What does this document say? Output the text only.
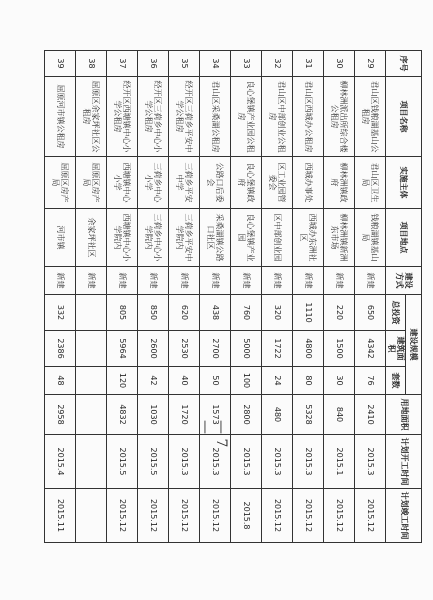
序号	项目名称	实施主体	项目地点	建设方式	建设规模			用地面积	计划开工时间	计划竣工时间
					总投资	建筑面积	套数			
29	君山区钱粮湖基山公租房	君山区卫生局	钱粮湖镇基山局	新建	650	4342	76	2410	2015.3	2015.12
30	柳林洲派出所综合楼公租房	柳林洲镇政府	柳林洲镇新洲东市场	新建	220	1500	30	840	2015.1	2015.12
31	君山区西城办公租房	西城办事处	西城办东洲社区	新建	1110	4800	80	5328	2015.3	2015.12
32	君山区中部创业公租房	区工业园管委会	区中部创业园	新建	320	1722	24	480	2015.3	2015.12
33	良心堡镇产业园公租房	良心堡镇政府	良心堡镇产业园	新建	760	5000	100	2800	2015.3	2015.8
34	君山区采桑湖公租房	公路口后委会	采桑湖镇公路口社区	新建	438	2700	50	1573	2015.3	2015.12
35	经开区三荷乡平安中学公租房	三荷乡平安中学	三荷乡平安中学院内	新建	620	2530	40	1720	2015.3	2015.12
36	经开区三荷乡中心小学公租房	三荷乡中心小学	三荷乡中心小学院内	新建	850	2600	42	1030	2015.5	2015.12
37	经开区西塘镇中心小学公租房	西塘镇中心小学	西塘镇中心小学院内	新建	805	5964	120	4832	2015.5	2015.12
38	屈原区余家坪社区公租房	屈原区房产局	余家坪社区	新建						
39	屈原河市镇公租房	屈原区房产局	河市镇	新建	332	2386	48	2958	2015.4	2015.11
— 7 —
